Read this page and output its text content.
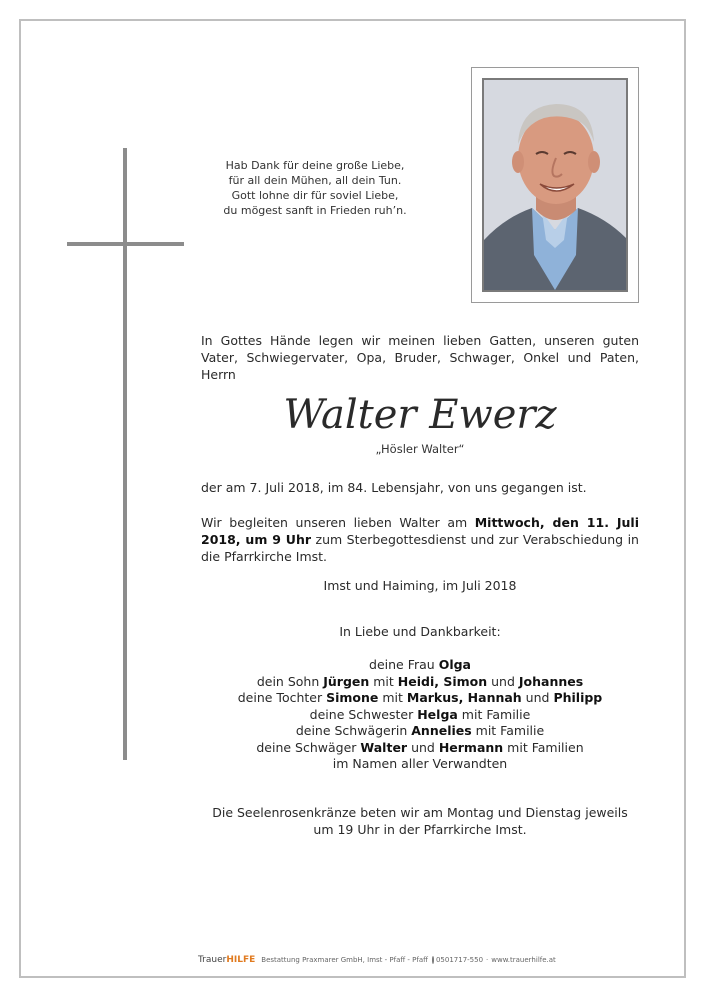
Hab Dank für deine große Liebe,
für all dein Mühen, all dein Tun.
Gott lohne dir für soviel Liebe,
du mögest sanft in Frieden ruh’n.
In Gottes Hände legen wir meinen lieben Gatten, unseren guten Vater, Schwiegervater, Opa, Bruder, Schwager, Onkel und Paten, Herrn
Walter Ewerz
„Hösler Walter“
der am 7. Juli 2018, im 84. Lebensjahr, von uns gegangen ist.
Wir begleiten unseren lieben Walter am Mittwoch, den 11. Juli 2018, um 9 Uhr zum Sterbegottesdienst und zur Verabschiedung in die Pfarrkirche Imst.
Imst und Haiming, im Juli 2018
In Liebe und Dankbarkeit:
deine Frau Olga
dein Sohn Jürgen mit Heidi, Simon und Johannes
deine Tochter Simone mit Markus, Hannah und Philipp
deine Schwester Helga mit Familie
deine Schwägerin Annelies mit Familie
deine Schwäger Walter und Hermann mit Familien
im Namen aller Verwandten
Die Seelenrosenkränze beten wir am Montag und Dienstag jeweils
um 19 Uhr in der Pfarrkirche Imst.
TrauerHILFE Bestattung Praxmarer GmbH, Imst - Pfaff - Pfaff 0501717-550 · www.trauerhilfe.at
